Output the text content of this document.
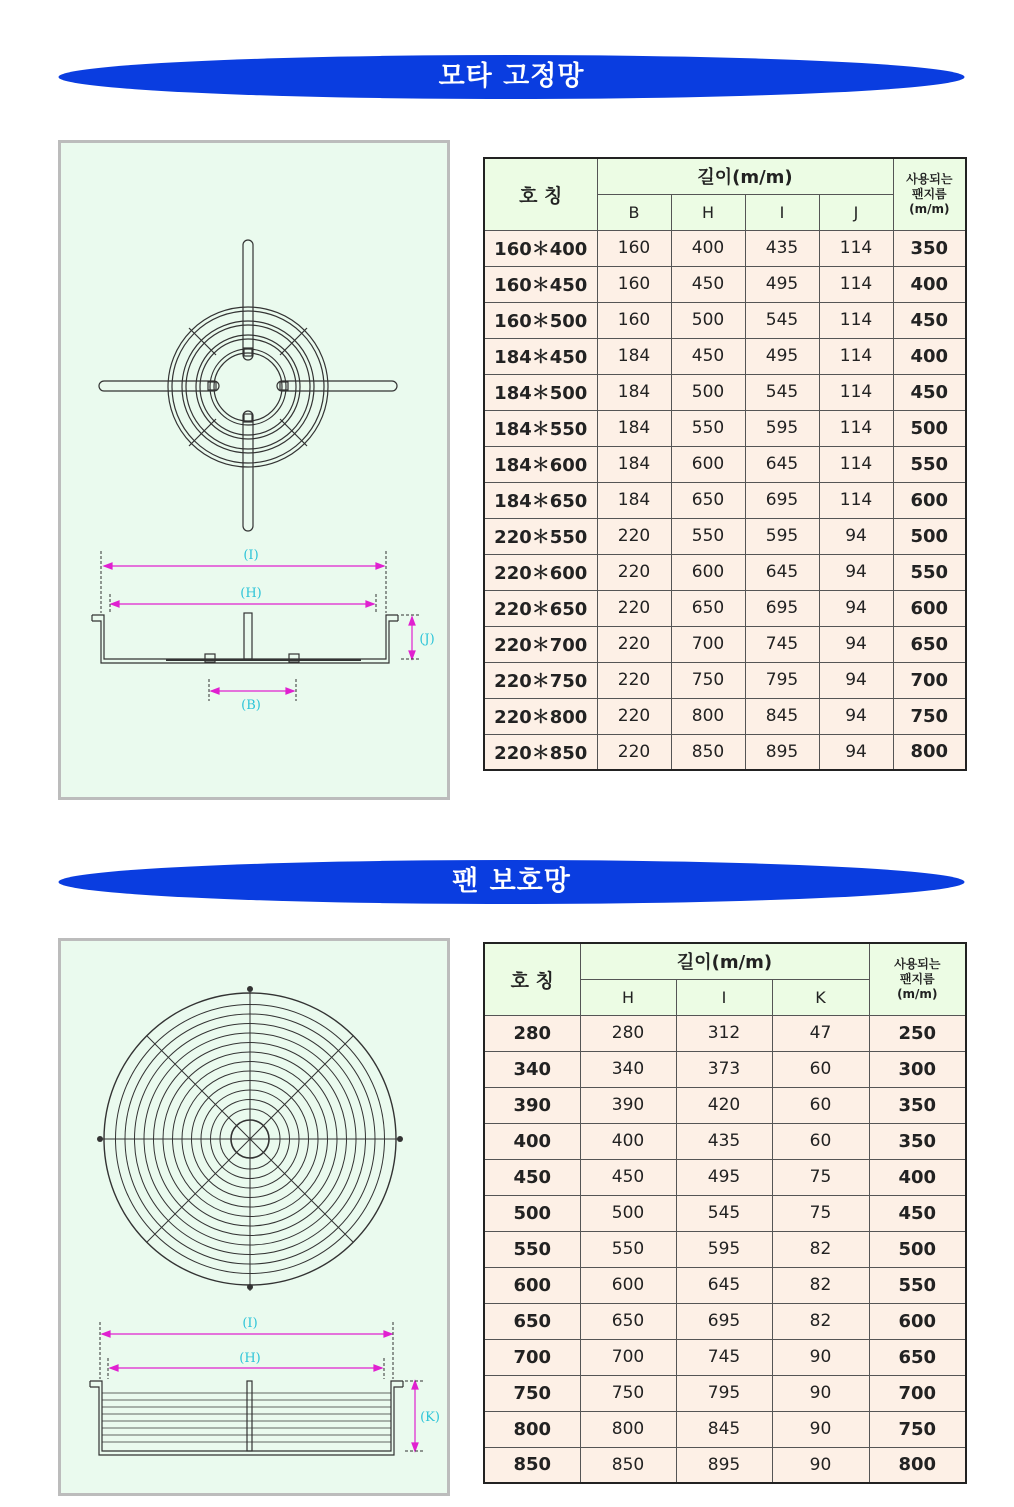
모타 고정망
(I)
(H)
(J)
(B)
호 칭	길이(m/m)				사용되는
팬지름
(m/m)

	B	H	I	J	
160＊400	160	400	435	114	350
160＊450	160	450	495	114	400
160＊500	160	500	545	114	450
184＊450	184	450	495	114	400
184＊500	184	500	545	114	450
184＊550	184	550	595	114	500
184＊600	184	600	645	114	550
184＊650	184	650	695	114	600
220＊550	220	550	595	94	500
220＊600	220	600	645	94	550
220＊650	220	650	695	94	600
220＊700	220	700	745	94	650
220＊750	220	750	795	94	700
220＊800	220	800	845	94	750
220＊850	220	850	895	94	800
팬 보호망
(I)
(H)
(K)
호 칭	길이(m/m)			사용되는
팬지름
(m/m)

	H	I	K	
280	280	312	47	250
340	340	373	60	300
390	390	420	60	350
400	400	435	60	350
450	450	495	75	400
500	500	545	75	450
550	550	595	82	500
600	600	645	82	550
650	650	695	82	600
700	700	745	90	650
750	750	795	90	700
800	800	845	90	750
850	850	895	90	800
